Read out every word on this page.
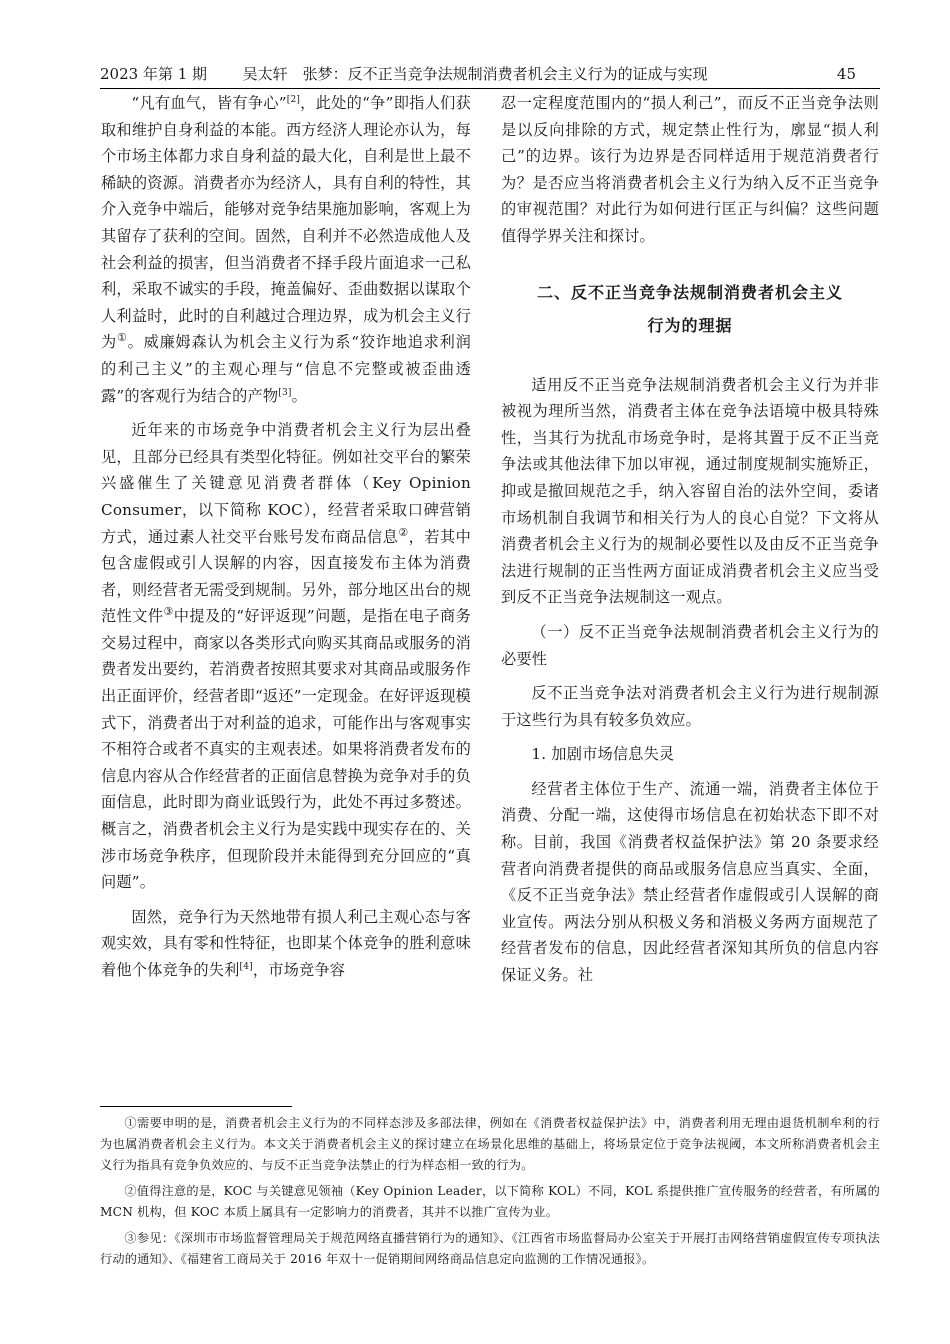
2023 年第 1 期 吴太轩　张梦：反不正当竞争法规制消费者机会主义行为的证成与实现	45

“凡有血气，皆有争心”[2]，此处的“争”即指人们获取和维护自身利益的本能。西方经济人理论亦认为，每个市场主体都力求自身利益的最大化，自利是世上最不稀缺的资源。消费者亦为经济人，具有自利的特性，其介入竞争中端后，能够对竞争结果施加影响，客观上为其留存了获利的空间。固然，自利并不必然造成他人及社会利益的损害，但当消费者不择手段片面追求一己私利，采取不诚实的手段，掩盖偏好、歪曲数据以谋取个人利益时，此时的自利越过合理边界，成为机会主义行为①。威廉姆森认为机会主义行为系“狡诈地追求利润的利己主义”的主观心理与“信息不完整或被歪曲透露”的客观行为结合的产物[3]。

近年来的市场竞争中消费者机会主义行为层出叠见，且部分已经具有类型化特征。例如社交平台的繁荣兴盛催生了关键意见消费者群体（Key Opinion Consumer，以下简称 KOC），经营者采取口碑营销方式，通过素人社交平台账号发布商品信息②，若其中包含虚假或引人误解的内容，因直接发布主体为消费者，则经营者无需受到规制。另外，部分地区出台的规范性文件③中提及的“好评返现”问题，是指在电子商务交易过程中，商家以各类形式向购买其商品或服务的消费者发出要约，若消费者按照其要求对其商品或服务作出正面评价，经营者即“返还”一定现金。在好评返现模式下，消费者出于对利益的追求，可能作出与客观事实不相符合或者不真实的主观表述。如果将消费者发布的信息内容从合作经营者的正面信息替换为竞争对手的负面信息，此时即为商业诋毁行为，此处不再过多赘述。概言之，消费者机会主义行为是实践中现实存在的、关涉市场竞争秩序，但现阶段并未能得到充分回应的“真问题”。

固然，竞争行为天然地带有损人利己主观心态与客观实效，具有零和性特征，也即某个体竞争的胜利意味着他个体竞争的失利[4]，市场竞争容

忍一定程度范围内的“损人利己”，而反不正当竞争法则是以反向排除的方式，规定禁止性行为，廓显“损人利己”的边界。该行为边界是否同样适用于规范消费者行为？是否应当将消费者机会主义行为纳入反不正当竞争的审视范围？对此行为如何进行匡正与纠偏？这些问题值得学界关注和探讨。

二、反不正当竞争法规制消费者机会主义
行为的理据

适用反不正当竞争法规制消费者机会主义行为并非被视为理所当然，消费者主体在竞争法语境中极具特殊性，当其行为扰乱市场竞争时，是将其置于反不正当竞争法或其他法律下加以审视，通过制度规制实施矫正，抑或是撤回规范之手，纳入容留自治的法外空间，委诸市场机制自我调节和相关行为人的良心自觉？下文将从消费者机会主义行为的规制必要性以及由反不正当竞争法进行规制的正当性两方面证成消费者机会主义应当受到反不正当竞争法规制这一观点。

（一）反不正当竞争法规制消费者机会主义行为的必要性

反不正当竞争法对消费者机会主义行为进行规制源于这些行为具有较多负效应。

1. 加剧市场信息失灵

经营者主体位于生产、流通一端，消费者主体位于消费、分配一端，这使得市场信息在初始状态下即不对称。目前，我国《消费者权益保护法》第 20 条要求经营者向消费者提供的商品或服务信息应当真实、全面，《反不正当竞争法》禁止经营者作虚假或引人误解的商业宣传。两法分别从积极义务和消极义务两方面规范了经营者发布的信息，因此经营者深知其所负的信息内容保证义务。社

①需要申明的是，消费者机会主义行为的不同样态涉及多部法律，例如在《消费者权益保护法》中，消费者利用无理由退货机制牟利的行为也属消费者机会主义行为。本文关于消费者机会主义的探讨建立在场景化思维的基础上，将场景定位于竞争法视阈，本文所称消费者机会主义行为指具有竞争负效应的、与反不正当竞争法禁止的行为样态相一致的行为。

②值得注意的是，KOC 与关键意见领袖（Key Opinion Leader，以下简称 KOL）不同，KOL 系提供推广宣传服务的经营者，有所属的 MCN 机构，但 KOC 本质上属具有一定影响力的消费者，其并不以推广宣传为业。

③参见：《深圳市市场监督管理局关于规范网络直播营销行为的通知》、《江西省市场监督局办公室关于开展打击网络营销虚假宣传专项执法行动的通知》、《福建省工商局关于 2016 年双十一促销期间网络商品信息定向监测的工作情况通报》。
